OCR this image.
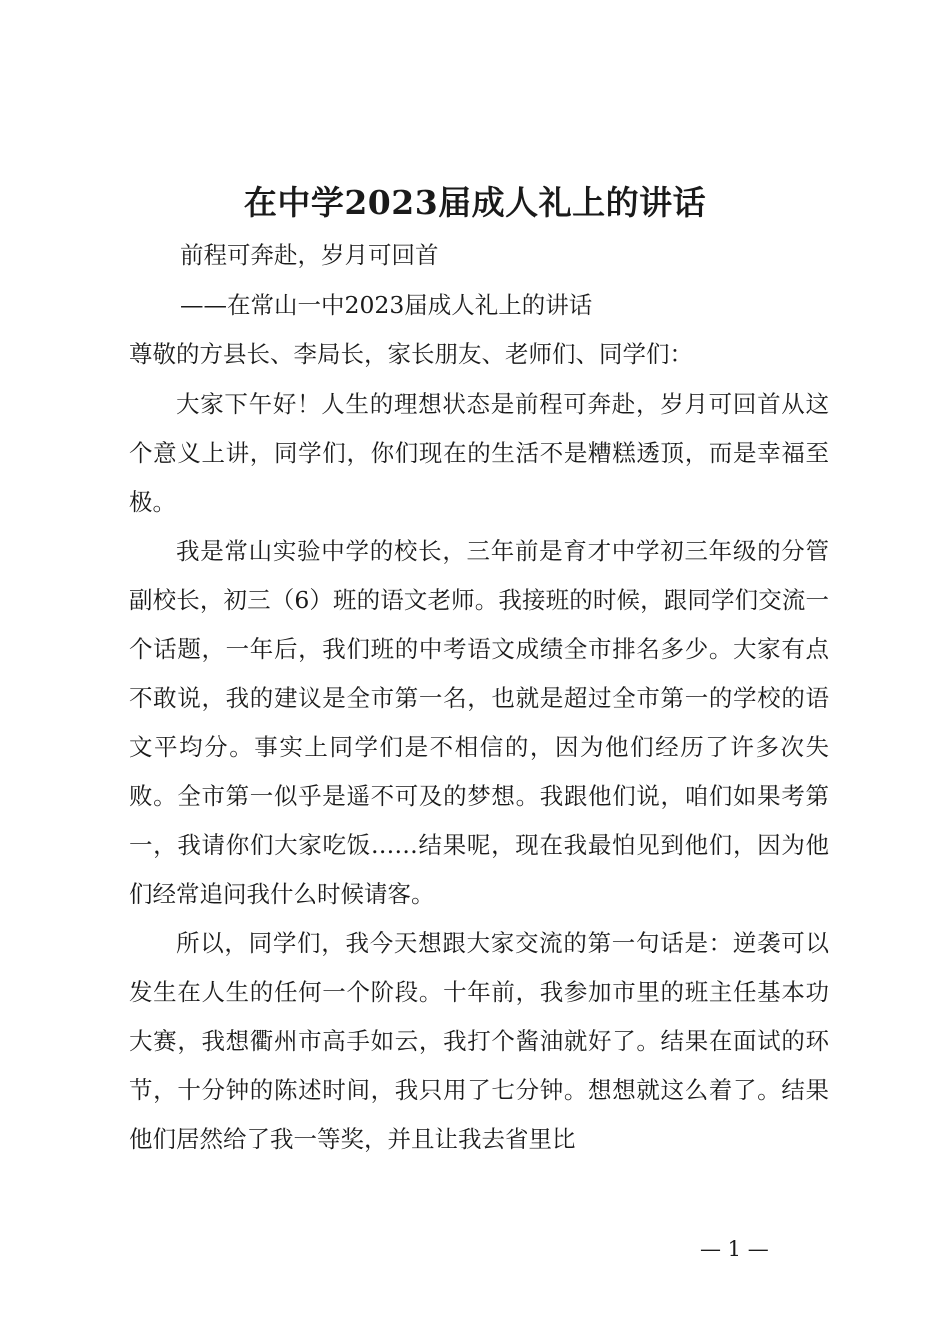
在中学2023届成人礼上的讲话
前程可奔赴，岁月可回首
——在常山一中2023届成人礼上的讲话
尊敬的方县长、李局长，家长朋友、老师们、同学们：

大家下午好！人生的理想状态是前程可奔赴，岁月可回首从这个意义上讲，同学们，你们现在的生活不是糟糕透顶，而是幸福至极。

我是常山实验中学的校长，三年前是育才中学初三年级的分管副校长，初三（6）班的语文老师。我接班的时候，跟同学们交流一个话题，一年后，我们班的中考语文成绩全市排名多少。大家有点不敢说，我的建议是全市第一名，也就是超过全市第一的学校的语文平均分。事实上同学们是不相信的，因为他们经历了许多次失败。全市第一似乎是遥不可及的梦想。我跟他们说，咱们如果考第一，我请你们大家吃饭……结果呢，现在我最怕见到他们，因为他们经常追问我什么时候请客。

所以，同学们，我今天想跟大家交流的第一句话是：逆袭可以发生在人生的任何一个阶段。十年前，我参加市里的班主任基本功大赛，我想衢州市高手如云，我打个酱油就好了。结果在面试的环节，十分钟的陈述时间，我只用了七分钟。想想就这么着了。结果他们居然给了我一等奖，并且让我去省里比

— 1 —
